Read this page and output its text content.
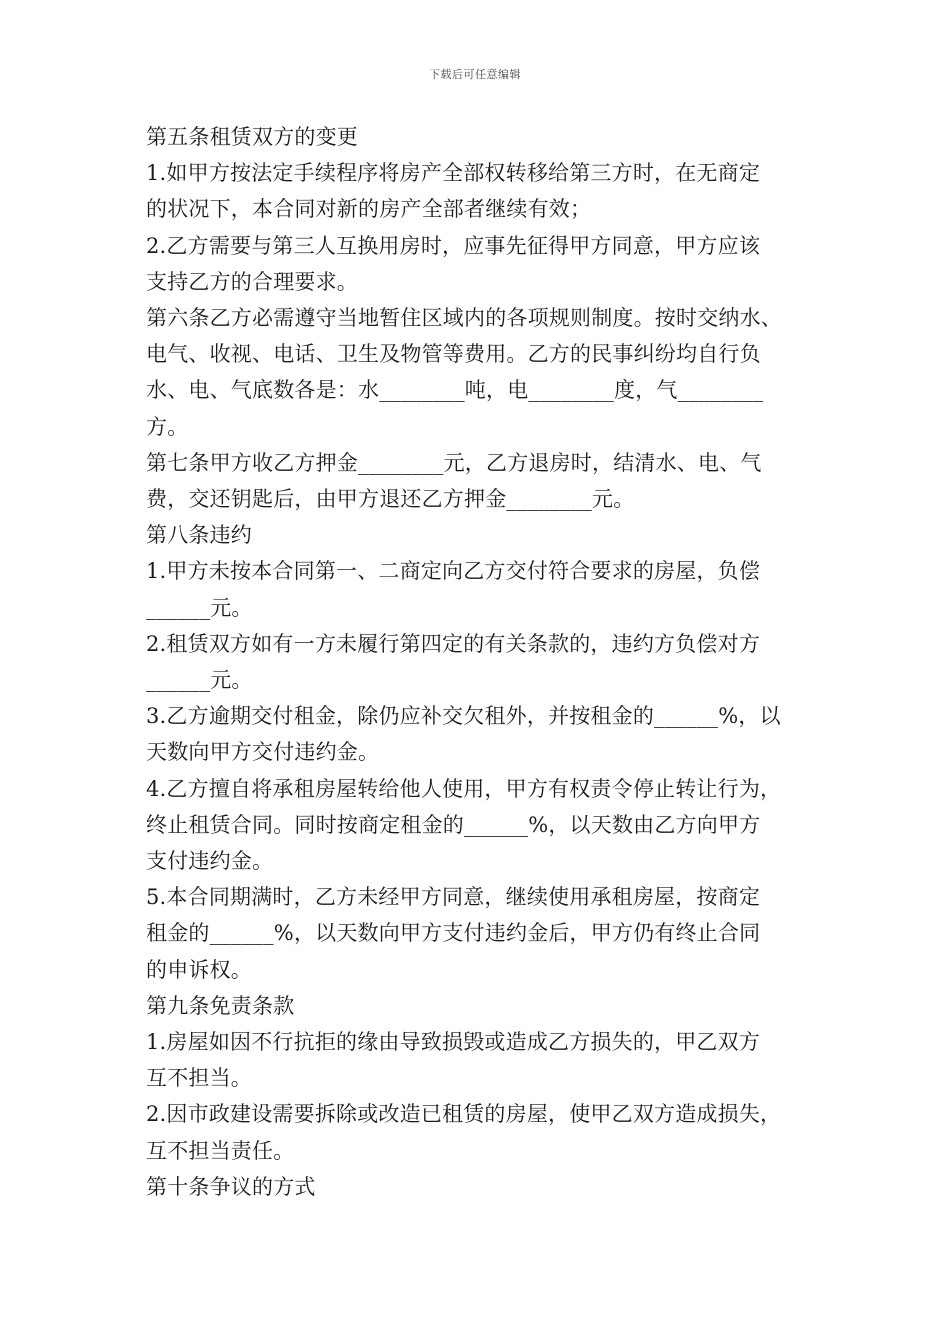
下载后可任意编辑

第五条租赁双方的变更

1.如甲方按法定手续程序将房产全部权转移给第三方时，在无商定

的状况下，本合同对新的房产全部者继续有效；

2.乙方需要与第三人互换用房时，应事先征得甲方同意，甲方应该

支持乙方的合理要求。

第六条乙方必需遵守当地暂住区域内的各项规则制度。按时交纳水、

电气、收视、电话、卫生及物管等费用。乙方的民事纠纷均自行负

水、电、气底数各是：水________吨，电________度，气________

方。

第七条甲方收乙方押金________元，乙方退房时，结清水、电、气

费，交还钥匙后，由甲方退还乙方押金________元。

第八条违约

1.甲方未按本合同第一、二商定向乙方交付符合要求的房屋，负偿

______元。

2.租赁双方如有一方未履行第四定的有关条款的，违约方负偿对方

______元。

3.乙方逾期交付租金，除仍应补交欠租外，并按租金的______%，以

天数向甲方交付违约金。

4.乙方擅自将承租房屋转给他人使用，甲方有权责令停止转让行为，

终止租赁合同。同时按商定租金的______%，以天数由乙方向甲方

支付违约金。

5.本合同期满时，乙方未经甲方同意，继续使用承租房屋，按商定

租金的______%，以天数向甲方支付违约金后，甲方仍有终止合同

的申诉权。

第九条免责条款

1.房屋如因不行抗拒的缘由导致损毁或造成乙方损失的，甲乙双方

互不担当。

2.因市政建设需要拆除或改造已租赁的房屋，使甲乙双方造成损失，

互不担当责任。

第十条争议的方式
